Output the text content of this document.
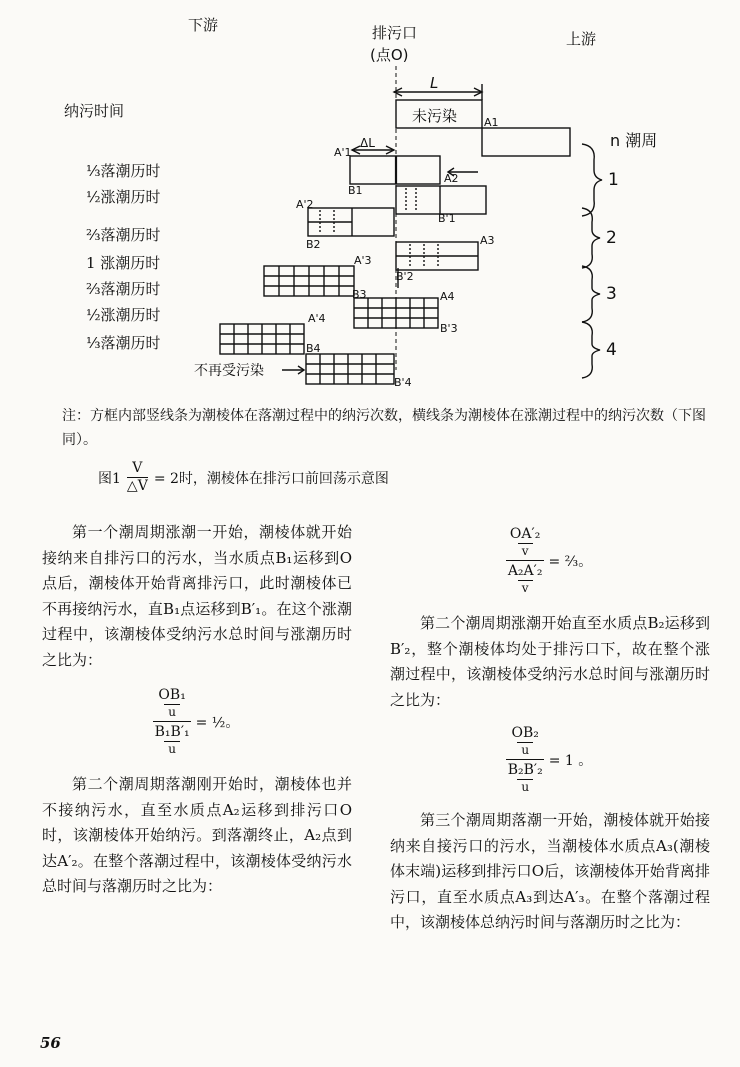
下游	排污口
(点O)
上游
纳污时间
⅓落潮历时
½涨潮历时
⅔落潮历时
1 涨潮历时
⅔落潮历时
½涨潮历时
⅓落潮历时
n 潮周
1
2
3
4
L
未污染
ΔL
不再受污染
A1
A'1
B1
A2
B'1
A'2
B2	A3
A'3
B'2
B3	A4
A'4
B'3
B4
B'4
注：方框内部竖线条为潮棱体在落潮过程中的纳污次数，横线条为潮棱体在涨潮过程中的纳污次数（下图同）。
图$1 \frac{V}{\triangle V} = 2$时，潮棱体在排污口前回荡示意图

第一个潮周期涨潮一开始，潮棱体就开始接纳来自排污口的污水，当水质点B₁运移到O点后，潮棱体开始背离排污口，此时潮棱体已不再接纳污水，直B₁点运移到B′₁。在这个涨潮过程中，该潮棱体受纳污水总时间与涨潮历时之比为：

OB₁
u
B₁B′₁
u
= ½。

第二个潮周期落潮刚开始时，潮棱体也并不接纳污水，直至水质点A₂运移到排污口O时，该潮棱体开始纳污。到落潮终止，A₂点到达A′₂。在整个落潮过程中，该潮棱体受纳污水总时间与落潮历时之比为：

OA′₂
v
A₂A′₂
v
= ⅔。

第二个潮周期涨潮开始直至水质点B₂运移到B′₂，整个潮棱体均处于排污口下，故在整个涨潮过程中，该潮棱体受纳污水总时间与涨潮历时之比为：

OB₂
u
B₂B′₂
u
= 1 。

第三个潮周期落潮一开始，潮棱体就开始接纳来自接污口的污水，当潮棱体水质点A₃(潮棱体末端)运移到排污口O后，该潮棱体开始背离排污口，直至水质点A₃到达A′₃。在整个落潮过程中，该潮棱体总纳污时间与落潮历时之比为：

56
